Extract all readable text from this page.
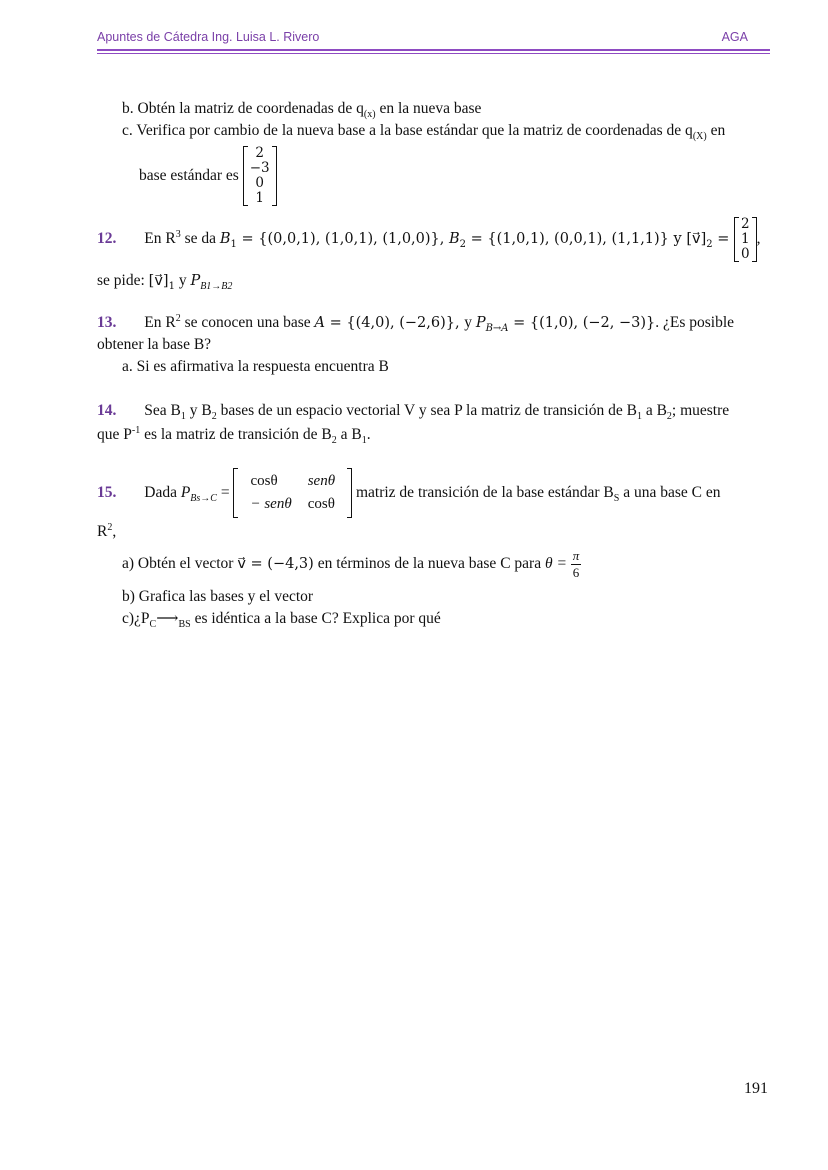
Apuntes de Cátedra Ing. Luisa L. Rivero	AGA
b. Obtén la matriz de coordenadas de $q_{(x)}$ en la nueva base
c. Verifica por cambio de la nueva base a la base estándar que la matriz de coordenadas de $q_{(X)}$ en
base estándar es
2
−3
0
1
12. En $R^3$ se da $B_1 = \{(0,0,1)$, (1,0,1), (1,0,0)}, $B_2 = \{(1,0,1)$, (0,0,1), (1,1,1)} y $[v⃗]_2$ =
2
1
0
,
se pide: $[v⃗]_1$ y $P_{B1\to B2}$
13. En $R^2$ se conocen una base A = {(4,0), (−2,6)}, y $P_{B\to A} = \{(1,0)$, (−2, −3)}. ¿Es posible
obtener la base B?
a. Si es afirmativa la respuesta encuentra B
14. Sea $B_1$ y $B_2$ bases de un espacio vectorial V y sea P la matriz de transición de $B_1$ a $B_2$; muestre
que $P^{-1}$ es la matriz de transición de $B_2$ a $B_1$.
15. Dada $P_{Bs\to C}$ =
cosθ	senθ
− senθ	cosθ
matriz de transición de la base estándar $B_S$ a una base C en
$R^2$,
a) Obtén el vector v⃗ = (−4,3) en términos de la nueva base C para $\theta = \frac{\pi}{6}$
b) Grafica las bases y el vector
$c)¿P_C⟶_{BS}$ es idéntica a la base C? Explica por qué
191
